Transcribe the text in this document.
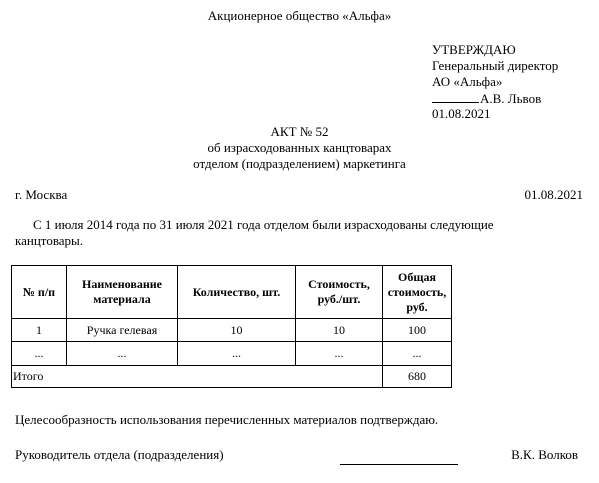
Акционерное общество «Альфа»
УТВЕРЖДАЮ
Генеральный директор
АО «Альфа»
А.В. Львов
01.08.2021
АКТ № 52
об израсходованных канцтоварах
отделом (подразделением) маркетинга
г. Москва	01.08.2021
С 1 июля 2014 года по 31 июля 2021 года отделом были израсходованы следующие канцтовары.
№ п/п	Наименование материала	Количество, шт.	Стоимость, руб./шт.	Общая стоимость, руб.
1	Ручка гелевая	10	10	100
...	...	...	...	...
Итого				680
Целесообразность использования перечисленных материалов подтверждаю.
Руководитель отдела (подразделения)	В.К. Волков
